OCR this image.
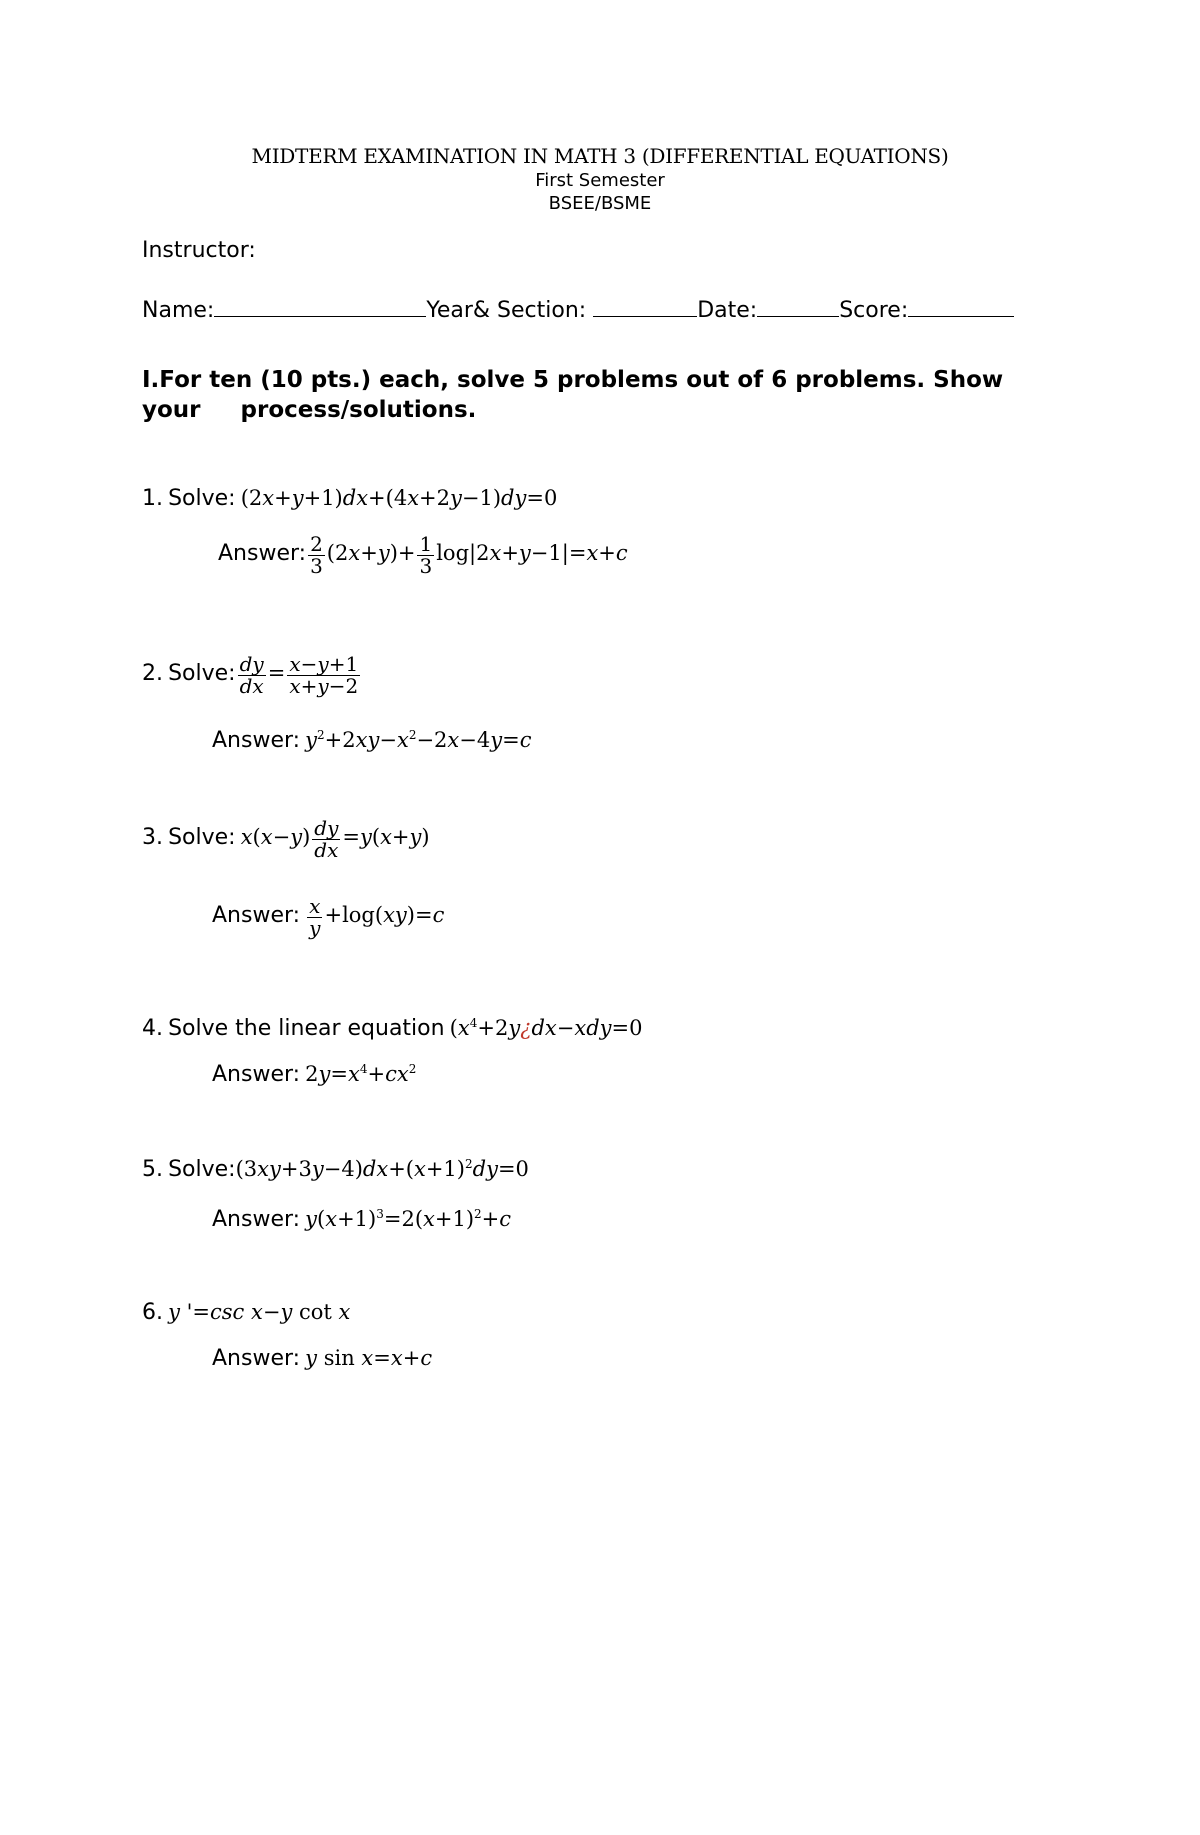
MIDTERM EXAMINATION IN MATH 3 (DIFFERENTIAL EQUATIONS)
First Semester
BSEE/BSME
Instructor:
Name:	Year& Section:	Date:	Score:
I.For ten (10 pts.) each, solve 5 problems out of 6 problems. Show
your     process/solutions.
1. Solve: (2x+y+1)dx+(4x+2y−1)dy=0
Answer: $\frac{2}{3} (2x+y)+ \frac{1}{3} \log|2x+y-1|=x+c$
2. Solve: $\frac{dy}{dx} = \frac{x-y+1}{x+y-2}$
Answer: $y^2+2xy-x^2-2x-4y=c$
3. Solve: $x(x-y) \frac{dy}{dx} =y(x+y)$
Answer: $\frac{x}{y} +\log(xy)=c$
4. Solve the linear equation ($x^4+2y¿dx-xdy=0$
Answer: $2y=x^4+cx^2$
5. $Solve:(3xy+3y-4)dx+(x+1)^2dy=0$
Answer: $y(x+1)^3=2(x+1)^2+c$
6. y '=csc x−y cot x
Answer: y sin x=x+c
